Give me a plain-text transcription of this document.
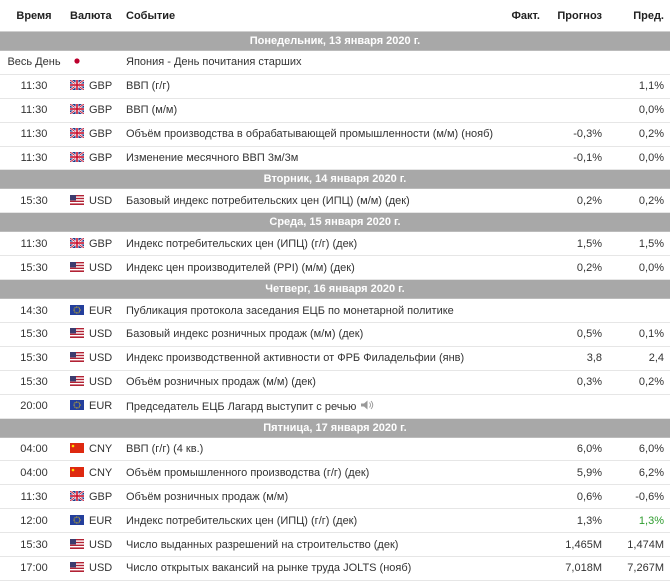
Время	Валюта	Событие	Факт.	Прогноз	Пред.
Понедельник, 13 января 2020 г.					
Весь День		Япония - День почитания старших			
11:30	GBP	ВВП (г/г)			1,1%
11:30	GBP	ВВП (м/м)			0,0%
11:30	GBP	Объём производства в обрабатывающей промышленности (м/м) (нояб)		-0,3%	0,2%
11:30	GBP	Изменение месячного ВВП 3м/3м		-0,1%	0,0%
Вторник, 14 января 2020 г.					
15:30	USD	Базовый индекс потребительских цен (ИПЦ) (м/м) (дек)		0,2%	0,2%
Среда, 15 января 2020 г.					
11:30	GBP	Индекс потребительских цен (ИПЦ) (г/г) (дек)		1,5%	1,5%
15:30	USD	Индекс цен производителей (PPI) (м/м) (дек)		0,2%	0,0%
Четверг, 16 января 2020 г.					
14:30	EUR	Публикация протокола заседания ЕЦБ по монетарной политике			
15:30	USD	Базовый индекс розничных продаж (м/м) (дек)		0,5%	0,1%
15:30	USD	Индекс производственной активности от ФРБ Филадельфии (янв)		3,8	2,4
15:30	USD	Объём розничных продаж (м/м) (дек)		0,3%	0,2%
20:00	EUR	Председатель ЕЦБ Лагард выступит с речью			
Пятница, 17 января 2020 г.					
04:00	CNY	ВВП (г/г) (4 кв.)		6,0%	6,0%
04:00	CNY	Объём промышленного производства (г/г) (дек)		5,9%	6,2%
11:30	GBP	Объём розничных продаж (м/м)		0,6%	-0,6%
12:00	EUR	Индекс потребительских цен (ИПЦ) (г/г) (дек)		1,3%	1,3%
15:30	USD	Число выданных разрешений на строительство (дек)		1,465M	1,474M
17:00	USD	Число открытых вакансий на рынке труда JOLTS (нояб)		7,018M	7,267M
